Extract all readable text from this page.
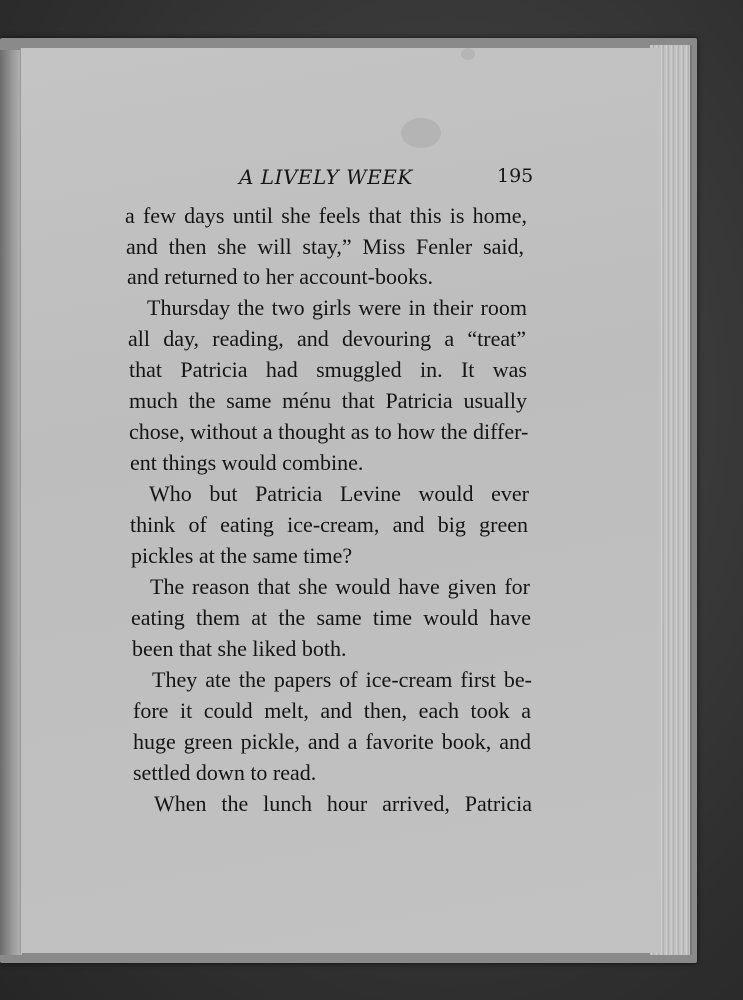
A LIVELY WEEK	195
a few days until she feels that this is home,
and then she will stay,” Miss Fenler said,
and returned to her account-books.
Thursday the two girls were in their room
all day, reading, and devouring a “treat”
that Patricia had smuggled in. It was
much the same ménu that Patricia usually
chose, without a thought as to how the differ-
ent things would combine.
Who but Patricia Levine would ever
think of eating ice-cream, and big green
pickles at the same time?
The reason that she would have given for
eating them at the same time would have
been that she liked both.
They ate the papers of ice-cream first be-
fore it could melt, and then, each took a
huge green pickle, and a favorite book, and
settled down to read.
When the lunch hour arrived, Patricia
